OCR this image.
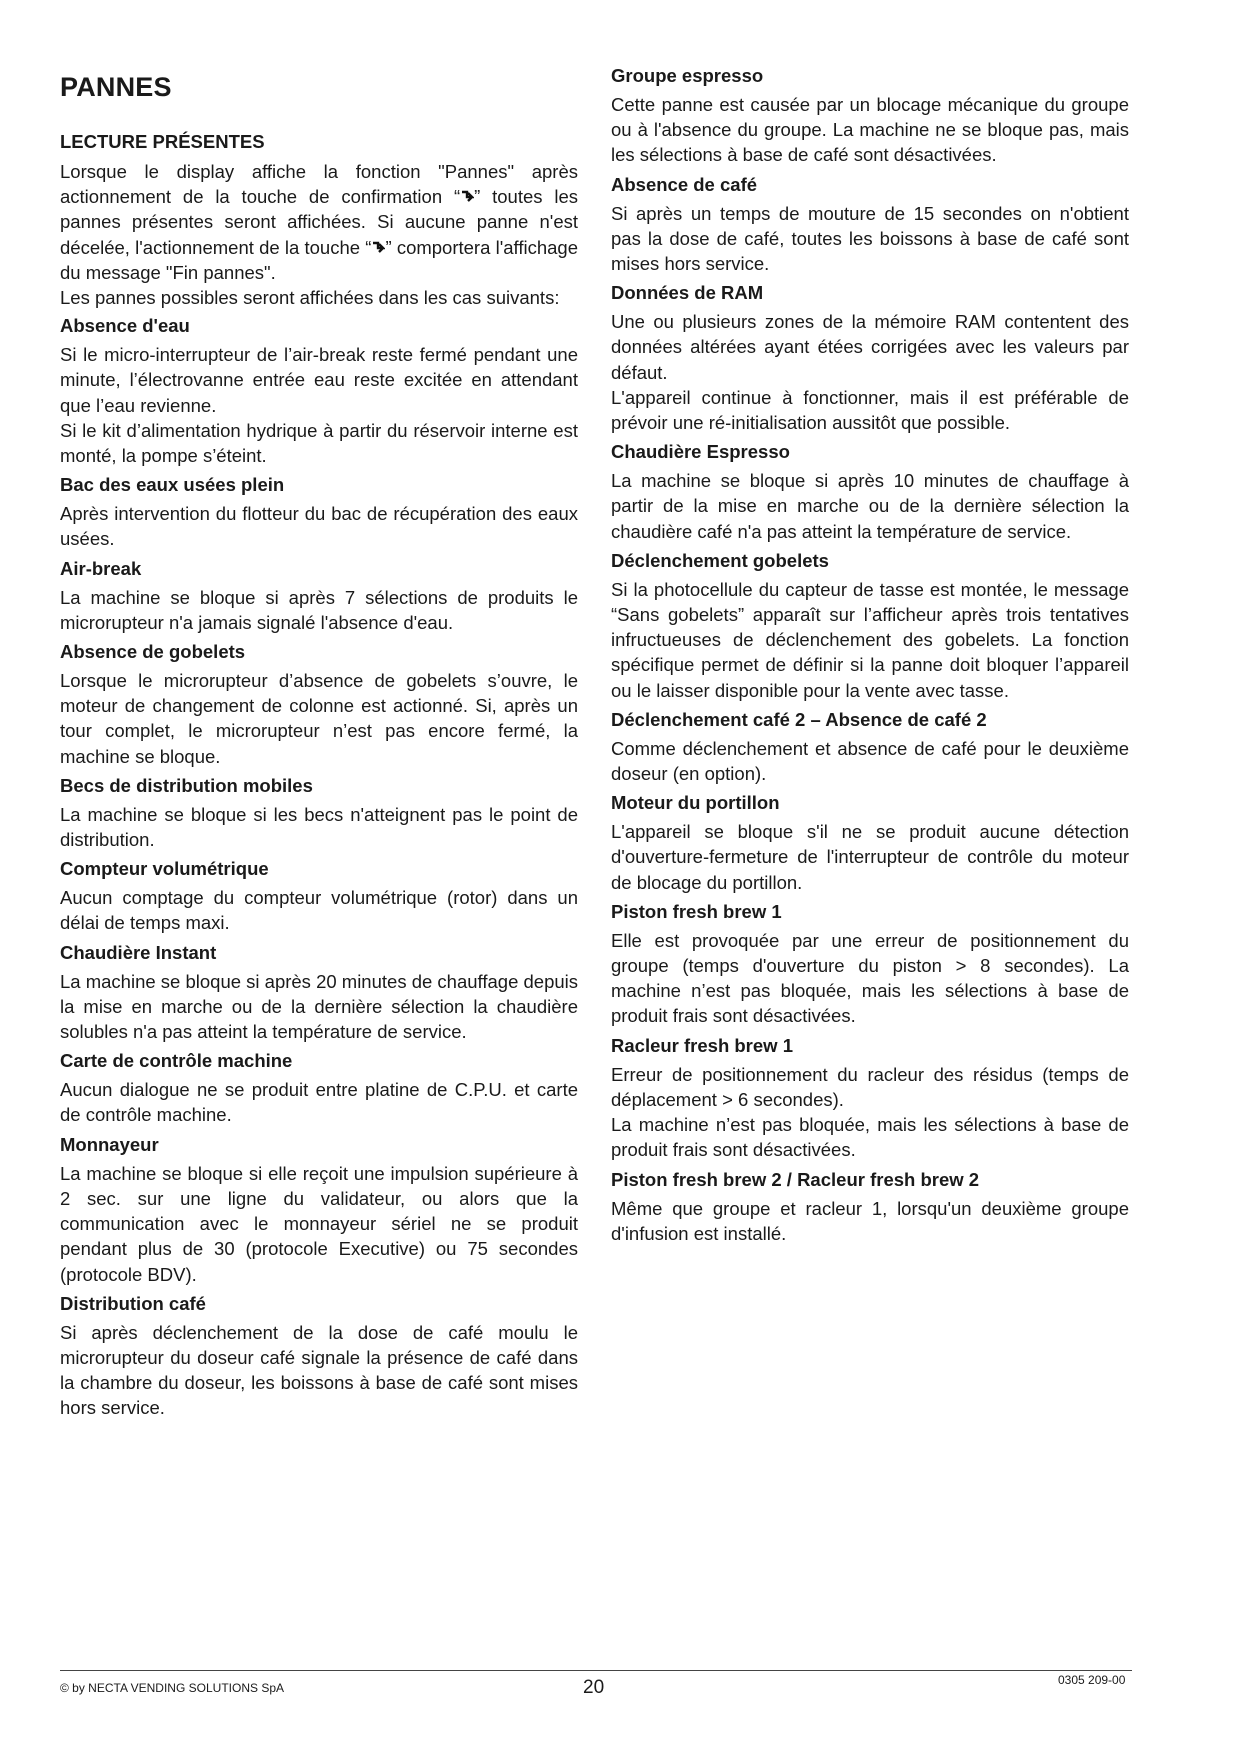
PANNES
LECTURE PRÉSENTES

Lorsque le display affiche la fonction "Pannes" après actionnement de la touche de confirmation “ ” toutes les pannes présentes seront affichées. Si aucune panne n'est décelée, l'actionnement de la touche “ ” comportera l'affichage du message "Fin pannes".

Les pannes possibles seront affichées dans les cas suivants:

Absence d'eau

Si le micro-interrupteur de l’air-break reste fermé pendant une minute, l’électrovanne entrée eau reste excitée en attendant que l’eau revienne.

Si le kit d’alimentation hydrique à partir du réservoir interne est monté, la pompe s’éteint.

Bac des eaux usées plein

Après intervention du flotteur du bac de récupération des eaux usées.

Air-break

La machine se bloque si après 7 sélections de produits le microrupteur n'a jamais signalé l'absence d'eau.

Absence de gobelets

Lorsque le microrupteur d’absence de gobelets s’ouvre, le moteur de changement de colonne est actionné. Si, après un tour complet, le microrupteur n’est pas encore fermé, la machine se bloque.

Becs de distribution mobiles

La machine se bloque si les becs n'atteignent pas le point de distribution.

Compteur volumétrique

Aucun comptage du compteur volumétrique (rotor) dans un délai de temps maxi.

Chaudière Instant

La machine se bloque si après 20 minutes de chauffage depuis la mise en marche ou de la dernière sélection la chaudière solubles n'a pas atteint la température de service.

Carte de contrôle machine

Aucun dialogue ne se produit entre platine de C.P.U. et carte de contrôle machine.

Monnayeur

La machine se bloque si elle reçoit une impulsion supérieure à 2 sec. sur une ligne du validateur, ou alors que la communication avec le monnayeur sériel ne se produit pendant plus de 30 (protocole Executive) ou 75 secondes (protocole BDV).

Distribution café

Si après déclenchement de la dose de café moulu le microrupteur du doseur café signale la présence de café dans la chambre du doseur, les boissons à base de café sont mises hors service.

Groupe espresso

Cette panne est causée par un blocage mécanique du groupe ou à l'absence du groupe. La machine ne se bloque pas, mais les sélections à base de café sont désactivées.

Absence de café

Si après un temps de mouture de 15 secondes on n'obtient pas la dose de café, toutes les boissons à base de café sont mises hors service.

Données de RAM

Une ou plusieurs zones de la mémoire RAM contentent des données altérées ayant étées corrigées avec les valeurs par défaut.

L'appareil continue à fonctionner, mais il est préférable de prévoir une ré-initialisation aussitôt que possible.

Chaudière Espresso

La machine se bloque si après 10 minutes de chauffage à partir de la mise en marche ou de la dernière sélection la chaudière café n'a pas atteint la température de service.

Déclenchement gobelets

Si la photocellule du capteur de tasse est montée, le message “Sans gobelets” apparaît sur l’afficheur après trois tentatives infructueuses de déclenchement des gobelets. La fonction spécifique permet de définir si la panne doit bloquer l’appareil ou le laisser disponible pour la vente avec tasse.

Déclenchement café 2 – Absence de café 2

Comme déclenchement et absence de café pour le deuxième doseur (en option).

Moteur du portillon

L'appareil se bloque s'il ne se produit aucune détection d'ouverture-fermeture de l'interrupteur de contrôle du moteur de blocage du portillon.

Piston fresh brew 1

Elle est provoquée par une erreur de positionnement du groupe (temps d'ouverture du piston > 8 secondes). La machine n’est pas bloquée, mais les sélections à base de produit frais sont désactivées.

Racleur fresh brew 1

Erreur de positionnement du racleur des résidus (temps de déplacement > 6 secondes).

La machine n’est pas bloquée, mais les sélections à base de produit frais sont désactivées.

Piston fresh brew 2 / Racleur fresh brew 2

Même que groupe et racleur 1, lorsqu'un deuxième groupe d'infusion est installé.

© by NECTA VENDING SOLUTIONS SpA	20	0305 209-00
